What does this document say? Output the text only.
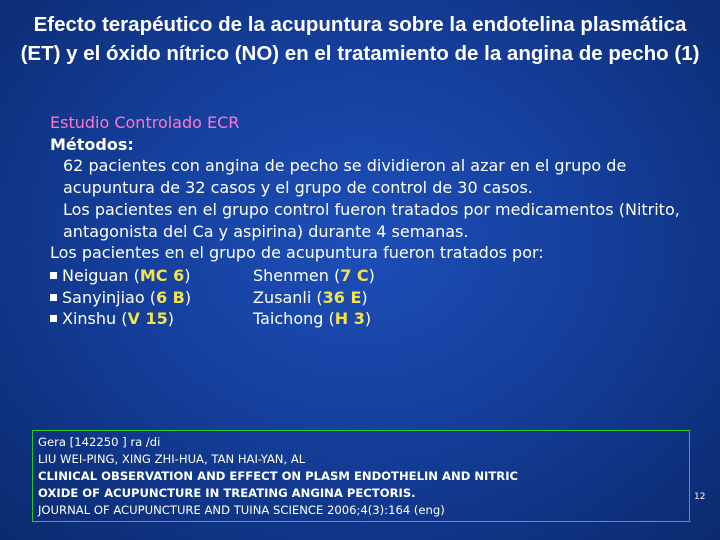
Efecto terapéutico de la acupuntura sobre la endotelina plasmática (ET) y el óxido nítrico (NO) en el tratamiento de la angina de pecho (1)
Estudio Controlado ECR
Métodos:
62 pacientes con angina de pecho se dividieron al azar en el grupo de acupuntura de 32 casos y el grupo de control de 30 casos.
Los pacientes en el grupo control fueron tratados por medicamentos (Nitrito, antagonista del Ca y aspirina) durante 4 semanas.
Los pacientes en el grupo de acupuntura fueron tratados por:
Neiguan (MC 6)	Shenmen (7 C)
Sanyinjiao (6 B)	Zusanli (36 E)
Xinshu (V 15)	Taichong (H 3)
Gera [142250 ] ra /di
LIU WEI-PING, XING ZHI-HUA, TAN HAI-YAN, AL
CLINICAL OBSERVATION AND EFFECT ON PLASM ENDOTHELIN AND NITRIC
OXIDE OF ACUPUNCTURE IN TREATING ANGINA PECTORIS.
JOURNAL OF ACUPUNCTURE AND TUINA SCIENCE 2006;4(3):164 (eng)
12
